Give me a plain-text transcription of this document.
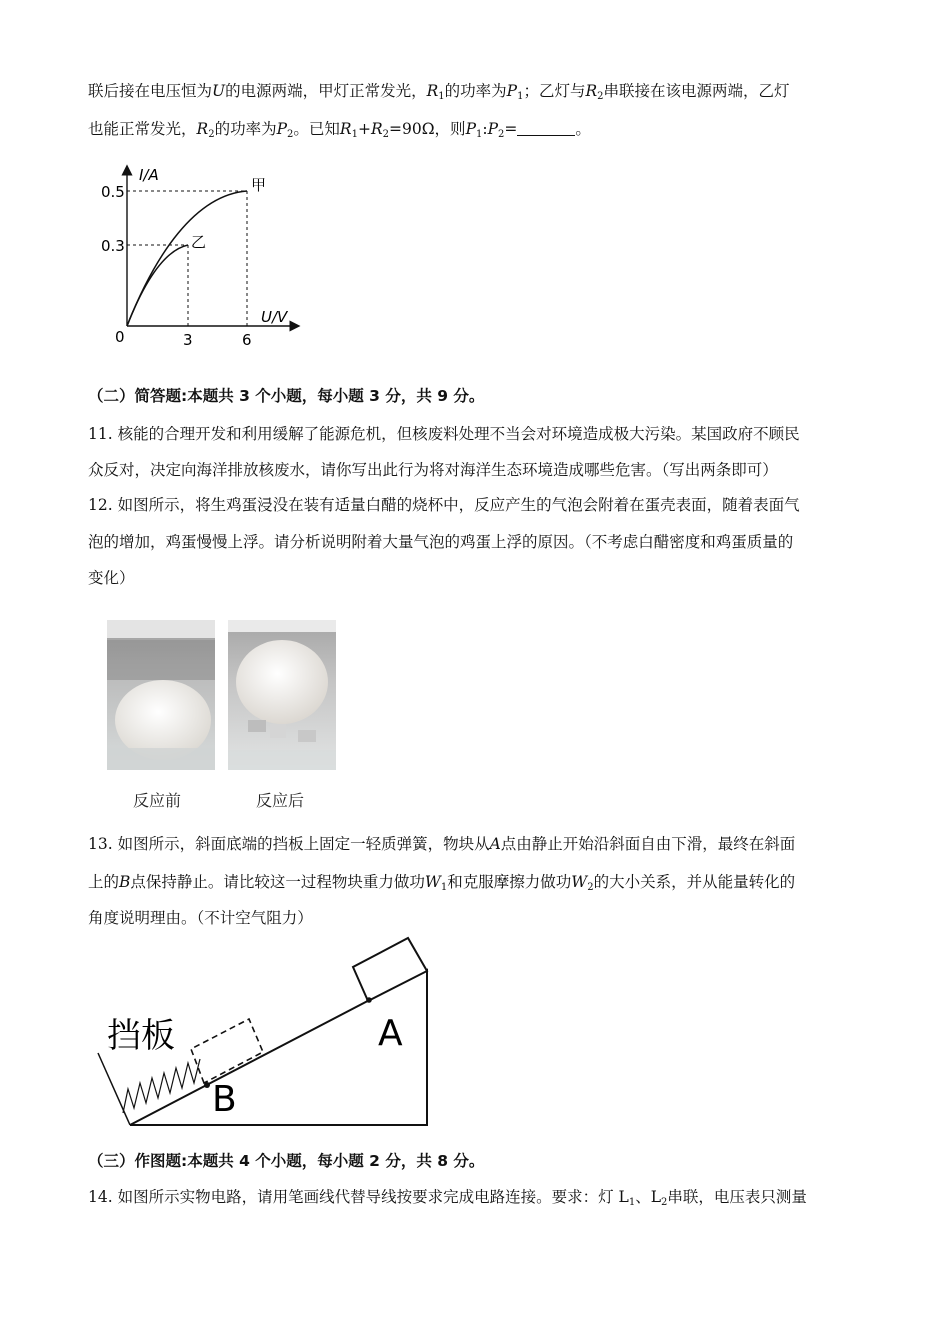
联后接在电压恒为U的电源两端，甲灯正常发光，$R_1$的功率为$P_1$；乙灯与$R_2$串联接在该电源两端，乙灯
也能正常发光，$R_2$的功率为$P_2$。已知$R_1+R_2=90\Omega$，则$P_1:P_2=$	。
I/A
U/V
0
0.5
0.3
3	6
甲
乙
（二）简答题:本题共 3 个小题，每小题 3 分，共 9 分。
11. 核能的合理开发和利用缓解了能源危机，但核废料处理不当会对环境造成极大污染。某国政府不顾民
众反对，决定向海洋排放核废水，请你写出此行为将对海洋生态环境造成哪些危害。（写出两条即可）
12. 如图所示，将生鸡蛋浸没在装有适量白醋的烧杯中，反应产生的气泡会附着在蛋壳表面，随着表面气
泡的增加，鸡蛋慢慢上浮。请分析说明附着大量气泡的鸡蛋上浮的原因。（不考虑白醋密度和鸡蛋质量的
变化）
反应前	反应后
13. 如图所示，斜面底端的挡板上固定一轻质弹簧，物块从A点由静止开始沿斜面自由下滑，最终在斜面
上的B点保持静止。请比较这一过程物块重力做功$W_1$和克服摩擦力做功$W_2$的大小关系，并从能量转化的
角度说明理由。（不计空气阻力）
挡板	A
B
（三）作图题:本题共 4 个小题，每小题 2 分，共 8 分。
14. 如图所示实物电路，请用笔画线代替导线按要求完成电路连接。要求：灯 $L_1$、$L_2$串联，电压表只测量
